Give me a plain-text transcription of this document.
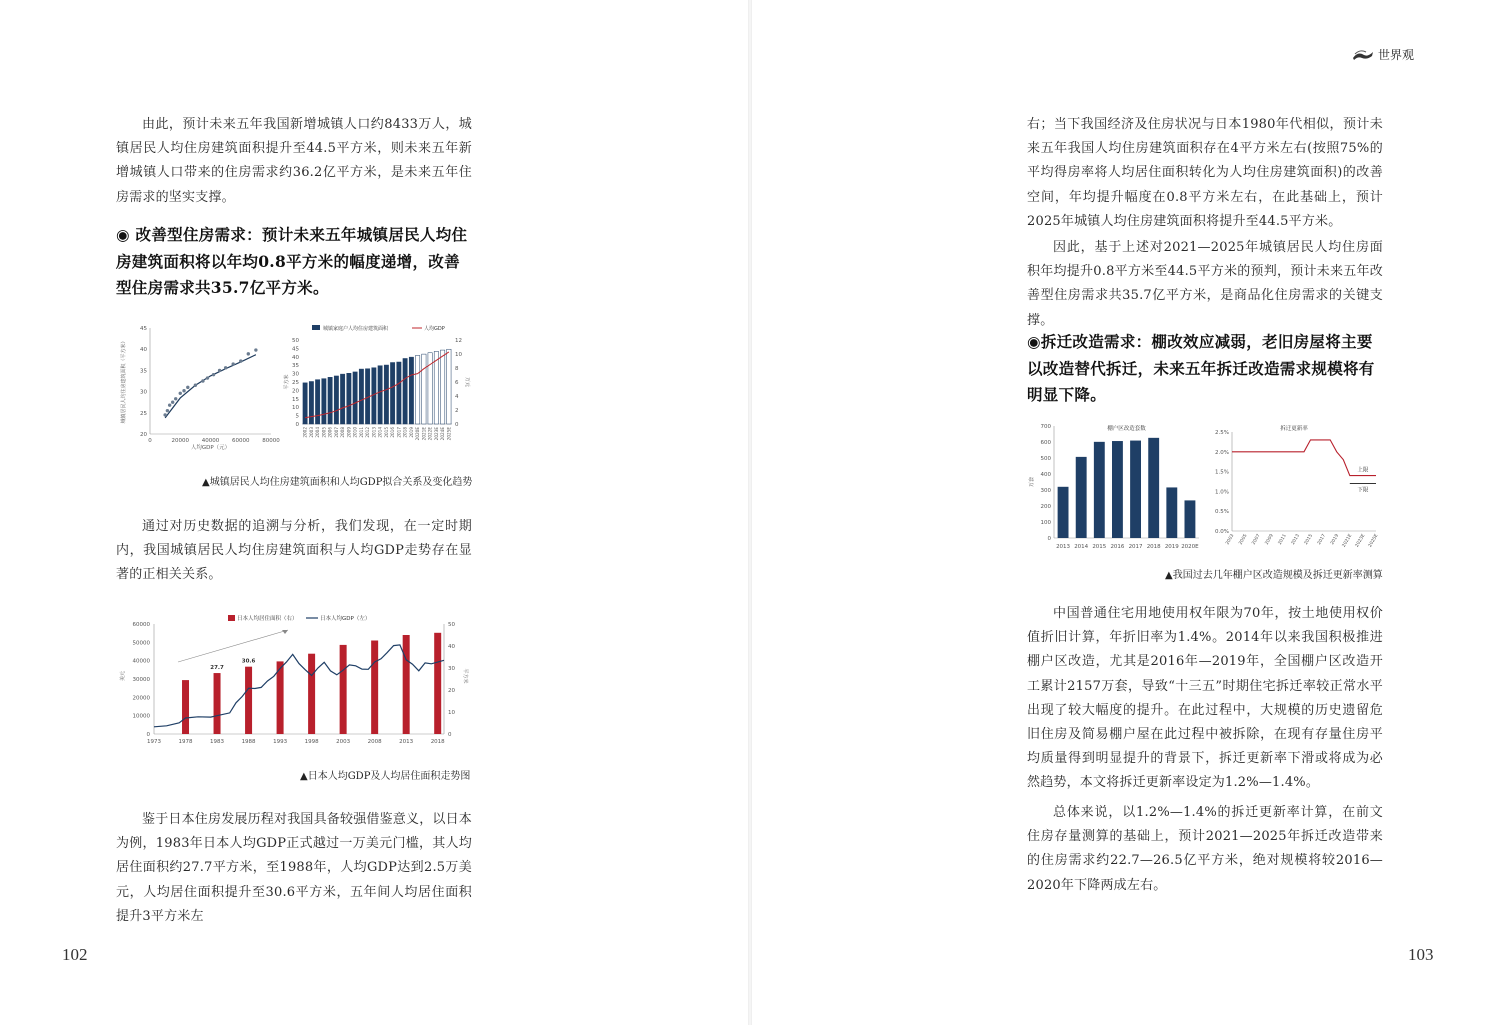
世界观

由此，预计未来五年我国新增城镇人口约8433万人，城镇居民人均住房建筑面积提升至44.5平方米，则未来五年新增城镇人口带来的住房需求约36.2亿平方米，是未来五年住房需求的坚实支撑。

◉ 改善型住房需求：预计未来五年城镇居民人均住房建筑面积将以年均0.8平方米的幅度递增，改善型住房需求共35.7亿平方米。

20
25
30
35
40
45
0	20000 40000 60000 80000
人均GDP（元）
城镇居民人均住房建筑面积（平方米）
城镇家庭户人均住房建筑面积	人均GDP
0
5
10
15
20
25
30
35
40
45
50
0
2
4
6
8
10
12
平方米	万元
2002 2003 2004 2005 2006 2007 2008 2009 2010 2011 2012 2013 2014 2015 2016 2017 2018 2019 2020E 2021E 2022E 2023E 2024E 2025E
▲城镇居民人均住房建筑面积和人均GDP拟合关系及变化趋势

通过对历史数据的追溯与分析，我们发现，在一定时期内，我国城镇居民人均住房建筑面积与人均GDP走势存在显著的正相关关系。

日本人均居住面积（右）	日本人均GDP（左）
0
10000
20000
30000
40000
50000
60000
0
10
20
30
40
50
美元	平方米
1973	1978	1983
27.7
1988
30.6
1993	1998	2003	2008	2013	2018
▲日本人均GDP及人均居住面积走势图

鉴于日本住房发展历程对我国具备较强借鉴意义，以日本为例，1983年日本人均GDP正式越过一万美元门槛，其人均居住面积约27.7平方米，至1988年，人均GDP达到2.5万美元，人均居住面积提升至30.6平方米，五年间人均居住面积提升3平方米左

102

右；当下我国经济及住房状况与日本1980年代相似，预计未来五年我国人均住房建筑面积存在4平方米左右(按照75%的平均得房率将人均居住面积转化为人均住房建筑面积)的改善空间，年均提升幅度在0.8平方米左右，在此基础上，预计2025年城镇人均住房建筑面积将提升至44.5平方米。

因此，基于上述对2021—2025年城镇居民人均住房面积年均提升0.8平方米至44.5平方米的预判，预计未来五年改善型住房需求共35.7亿平方米，是商品化住房需求的关键支撑。

◉拆迁改造需求：棚改效应减弱，老旧房屋将主要以改造替代拆迁，未来五年拆迁改造需求规模将有明显下降。

棚户区改造套数
0
100
200
300
400
500
600
700
万套
2013 2014 2015 2016 2017 2018 2019 2020E
拆迁更新率
0.0%
0.5%
1.0%
1.5%
2.0%
2.5%
2003 2005 2007 2009 2011 2013 2015 2017 2019 2021E 2023E 2025E
上限
下限
▲我国过去几年棚户区改造规模及拆迁更新率测算

中国普通住宅用地使用权年限为70年，按土地使用权价值折旧计算，年折旧率为1.4%。2014年以来我国积极推进棚户区改造，尤其是2016年—2019年，全国棚户区改造开工累计2157万套，导致“十三五”时期住宅拆迁率较正常水平出现了较大幅度的提升。在此过程中，大规模的历史遗留危旧住房及简易棚户屋在此过程中被拆除，在现有存量住房平均质量得到明显提升的背景下，拆迁更新率下滑或将成为必然趋势，本文将拆迁更新率设定为1.2%—1.4%。

总体来说，以1.2%—1.4%的拆迁更新率计算，在前文住房存量测算的基础上，预计2021—2025年拆迁改造带来的住房需求约22.7—26.5亿平方米，绝对规模将较2016—2020年下降两成左右。

103
